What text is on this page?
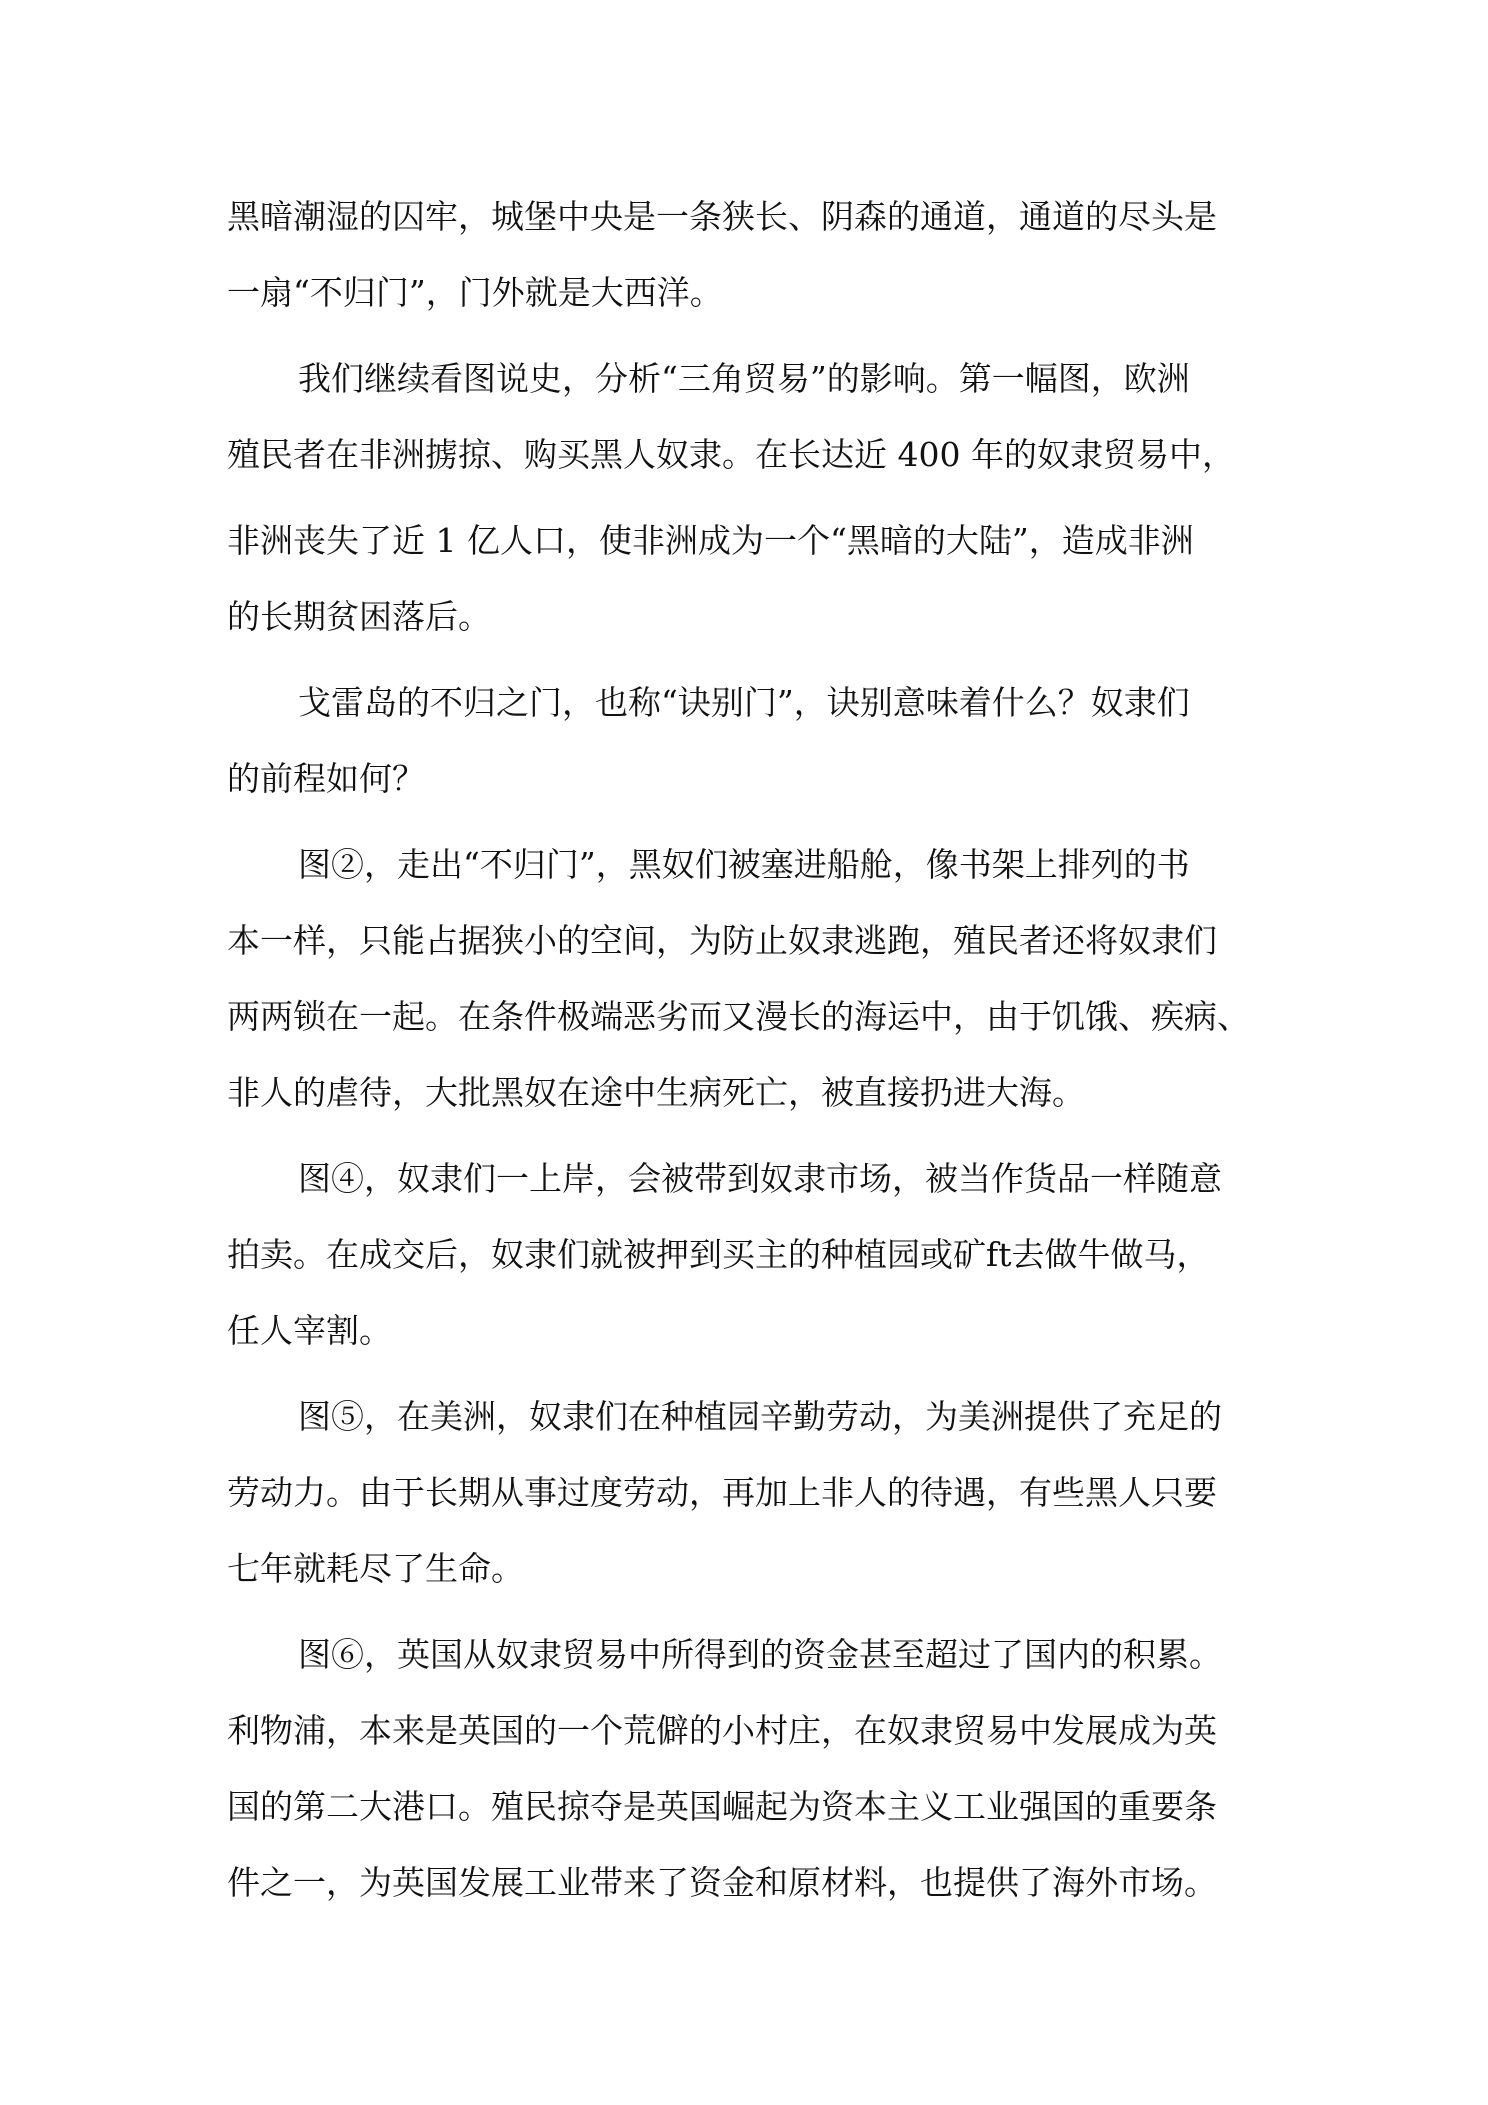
黑暗潮湿的囚牢，城堡中央是一条狭长、阴森的通道，通道的尽头是
一扇“不归门”，门外就是大西洋。
我们继续看图说史，分析“三角贸易”的影响。第一幅图，欧洲
殖民者在非洲掳掠、购买黑人奴隶。在长达近 400 年的奴隶贸易中，
非洲丧失了近 1 亿人口，使非洲成为一个“黑暗的大陆”，造成非洲
的长期贫困落后。
戈雷岛的不归之门，也称“诀别门”，诀别意味着什么？奴隶们
的前程如何？
图②，走出“不归门”，黑奴们被塞进船舱，像书架上排列的书
本一样，只能占据狭小的空间，为防止奴隶逃跑，殖民者还将奴隶们
两两锁在一起。在条件极端恶劣而又漫长的海运中，由于饥饿、疾病、
非人的虐待，大批黑奴在途中生病死亡，被直接扔进大海。
图④，奴隶们一上岸，会被带到奴隶市场，被当作货品一样随意
拍卖。在成交后，奴隶们就被押到买主的种植园或矿ft去做牛做马，
任人宰割。
图⑤，在美洲，奴隶们在种植园辛勤劳动，为美洲提供了充足的
劳动力。由于长期从事过度劳动，再加上非人的待遇，有些黑人只要
七年就耗尽了生命。
图⑥，英国从奴隶贸易中所得到的资金甚至超过了国内的积累。
利物浦，本来是英国的一个荒僻的小村庄，在奴隶贸易中发展成为英
国的第二大港口。殖民掠夺是英国崛起为资本主义工业强国的重要条
件之一，为英国发展工业带来了资金和原材料，也提供了海外市场。
